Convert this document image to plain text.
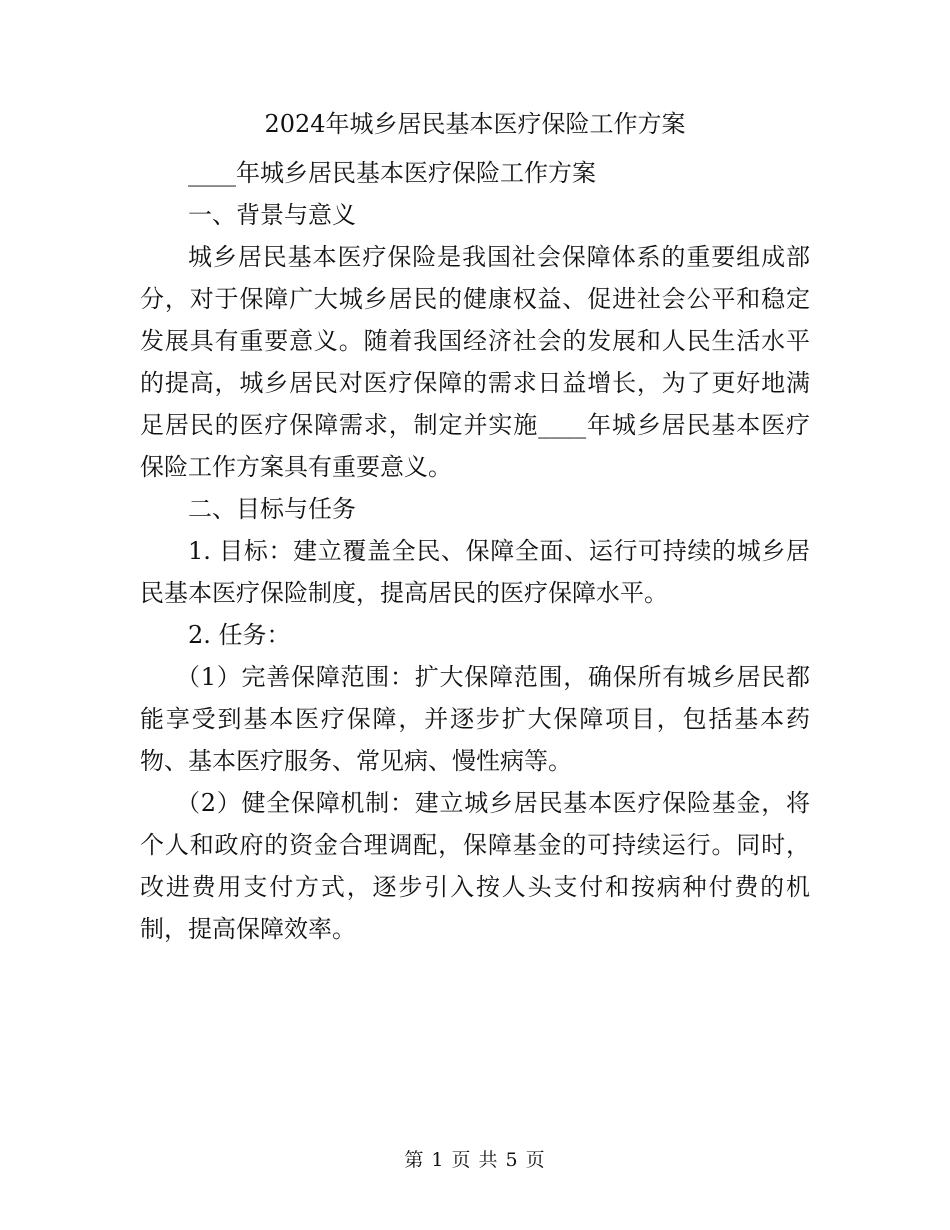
2024年城乡居民基本医疗保险工作方案

____年城乡居民基本医疗保险工作方案

一、背景与意义

城乡居民基本医疗保险是我国社会保障体系的重要组成部分，对于保障广大城乡居民的健康权益、促进社会公平和稳定发展具有重要意义。随着我国经济社会的发展和人民生活水平的提高，城乡居民对医疗保障的需求日益增长，为了更好地满足居民的医疗保障需求，制定并实施____年城乡居民基本医疗保险工作方案具有重要意义。

二、目标与任务

1. 目标：建立覆盖全民、保障全面、运行可持续的城乡居民基本医疗保险制度，提高居民的医疗保障水平。

2. 任务：

（1）完善保障范围：扩大保障范围，确保所有城乡居民都能享受到基本医疗保障，并逐步扩大保障项目，包括基本药物、基本医疗服务、常见病、慢性病等。

（2）健全保障机制：建立城乡居民基本医疗保险基金，将个人和政府的资金合理调配，保障基金的可持续运行。同时，改进费用支付方式，逐步引入按人头支付和按病种付费的机制，提高保障效率。

第 1 页 共 5 页
